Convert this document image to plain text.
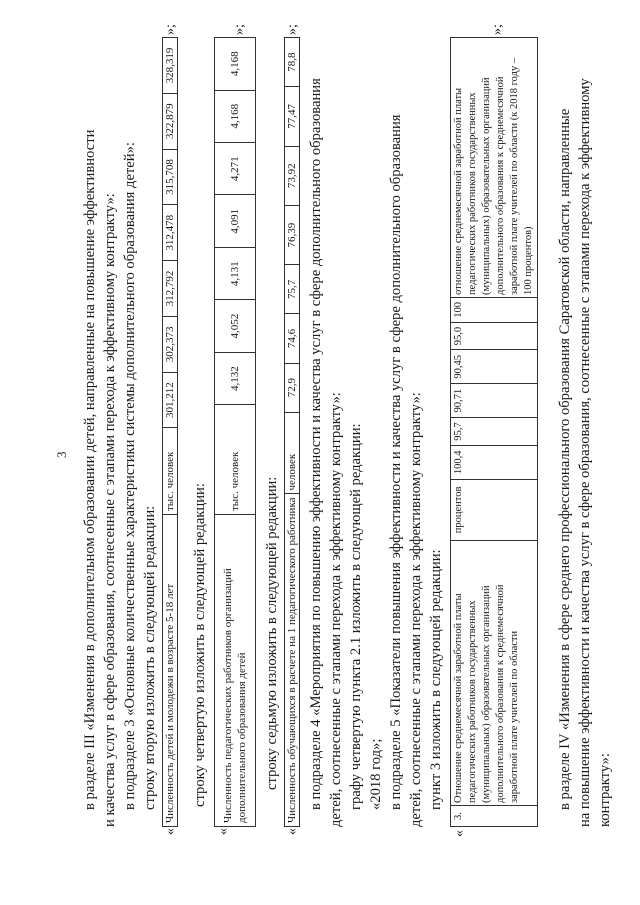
3 в разделе III «Изменения в дополнительном образовании детей, направленные на повышение эффективности и качества услуг в сфере образования, соотнесенные с этапами перехода к эффективному контракту»: в подразделе 3 «Основные количественные характеристики системы дополнительного образования детей»: строку вторую изложить в следующей редакции:
«
Численность детей и молодежи в возрасте 5-18 лет	тыс. человек	301,212	302,373	312,792	312,478	315,708	322,879	328,319
»;
строку четвертую изложить в следующей редакции:
«
Численность педагогических работников организаций дополнительного образования детей	тыс. человек	4,132	4,052	4,131	4,091	4,271	4,168	4,168
»;
строку седьмую изложить в следующей редакции:
«
Численность обучающихся в расчете на 1 педагогического работника	человек	72,9	74,6	75,7	76,39	73,92	77,47	78,8
»;
в подразделе 4 «Мероприятия по повышению эффективности и качества услуг в сфере дополнительного образования детей, соотнесенные с этапами перехода к эффективному контракту»: графу четвертую пункта 2.1 изложить в следующей редакции: «2018 год»; в подразделе 5 «Показатели повышения эффективности и качества услуг в сфере дополнительного образования детей, соотнесенные с этапами перехода к эффективному контракту»: пункт 3 изложить в следующей редакции:
«
3.	Отношение среднемесячной заработной платы педагогических работников государственных (муниципальных) образовательных организаций дополнительного образования к среднемесячной заработной плате учителей по области	процентов	100,4	95,7	90,71	90,45	95,0	100	отношение среднемесячной заработной платы педагогических работников государственных (муниципальных) образовательных организаций дополнительного образования к среднемесячной заработной плате учителей по области (к 2018 году – 100 процентов)
»;
в разделе IV «Изменения в сфере среднего профессионального образования Саратовской области, направленные на повышение эффективности и качества услуг в сфере образования, соотнесенные с этапами перехода к эффективному контракту»:
